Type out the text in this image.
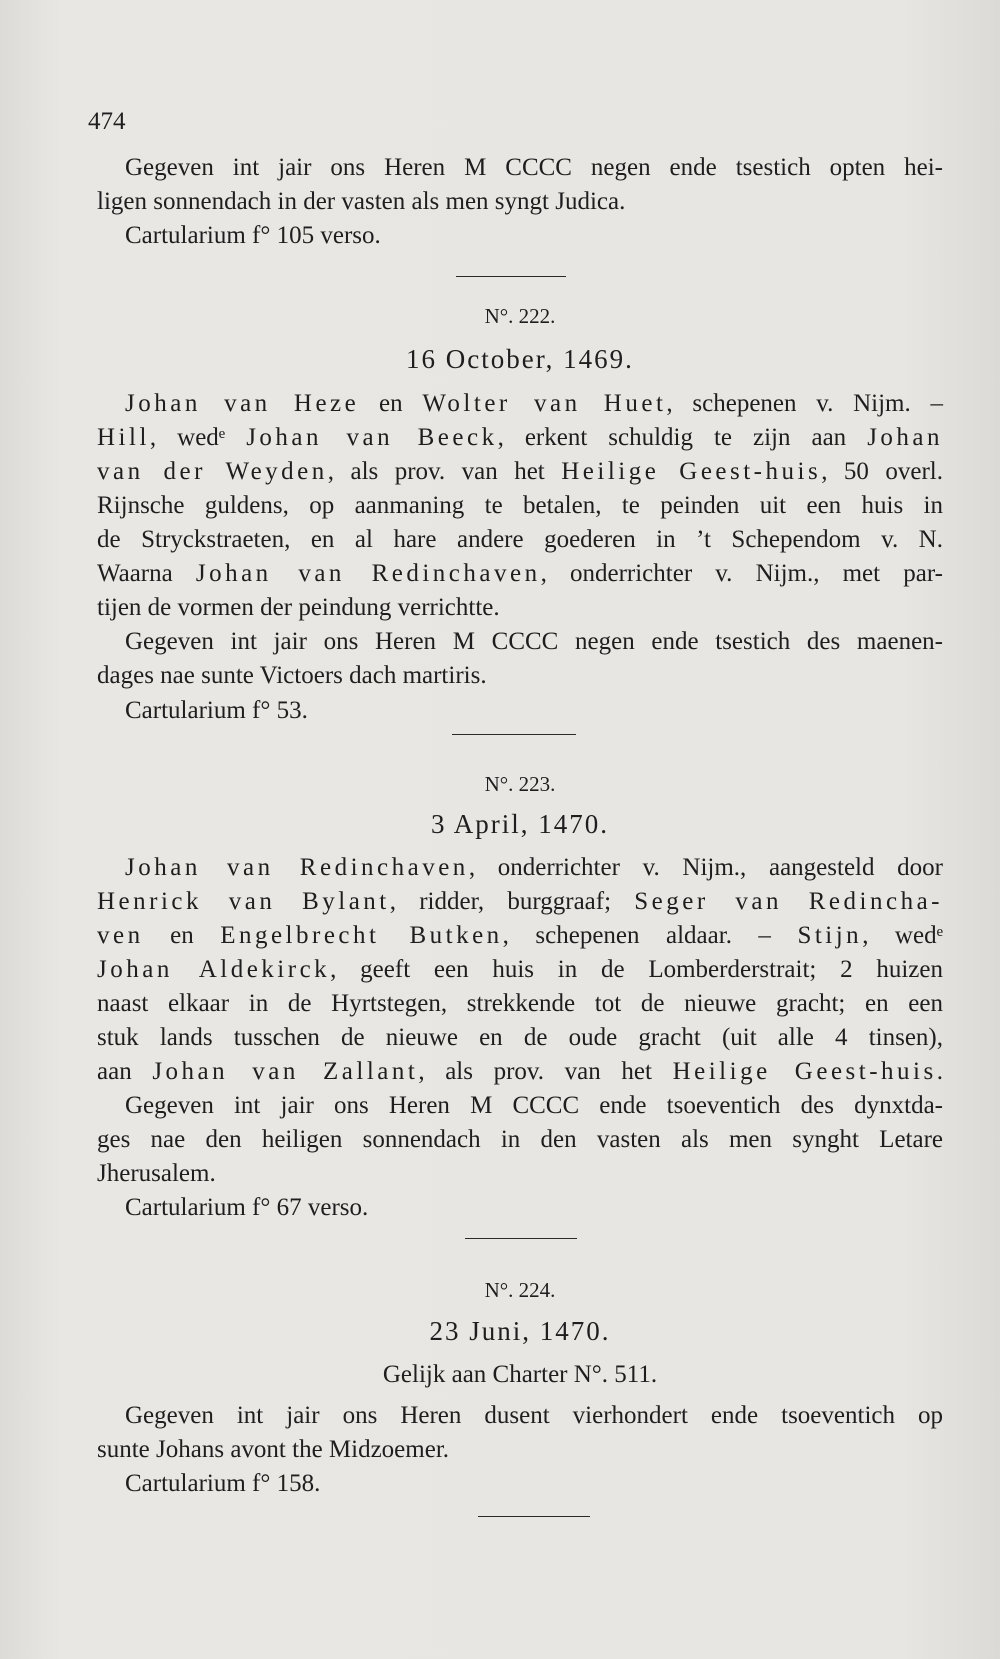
474
Gegeven int jair ons Heren M CCCC negen ende tsestich opten hei-
ligen sonnendach in der vasten als men syngt Judica.
Cartularium f° 105 verso.
N°. 222.
16 October, 1469.
Johan van Heze en Wolter van Huet, schepenen v. Nijm. –
Hill, wedᵉ Johan van Beeck, erkent schuldig te zijn aan Johan
van der Weyden, als prov. van het Heilige Geest-huis, 50 overl.
Rijnsche guldens, op aanmaning te betalen, te peinden uit een huis in
de Stryckstraeten, en al hare andere goederen in ’t Schependom v. N.
Waarna Johan van Redinchaven, onderrichter v. Nijm., met par-
tijen de vormen der peindung verrichtte.
Gegeven int jair ons Heren M CCCC negen ende tsestich des maenen-
dages nae sunte Victoers dach martiris.
Cartularium f° 53.
N°. 223.
3 April, 1470.
Johan van Redinchaven, onderrichter v. Nijm., aangesteld door
Henrick van Bylant, ridder, burggraaf; Seger van Redincha-
ven en Engelbrecht Butken, schepenen aldaar. – Stijn, wedᵉ
Johan Aldekirck, geeft een huis in de Lomberderstrait; 2 huizen
naast elkaar in de Hyrtstegen, strekkende tot de nieuwe gracht; en een
stuk lands tusschen de nieuwe en de oude gracht (uit alle 4 tinsen),
aan Johan van Zallant, als prov. van het Heilige Geest-huis.
Gegeven int jair ons Heren M CCCC ende tsoeventich des dynxtda-
ges nae den heiligen sonnendach in den vasten als men synght Letare
Jherusalem.
Cartularium f° 67 verso.
N°. 224.
23 Juni, 1470.
Gelijk aan Charter N°. 511.
Gegeven int jair ons Heren dusent vierhondert ende tsoeventich op
sunte Johans avont the Midzoemer.
Cartularium f° 158.
